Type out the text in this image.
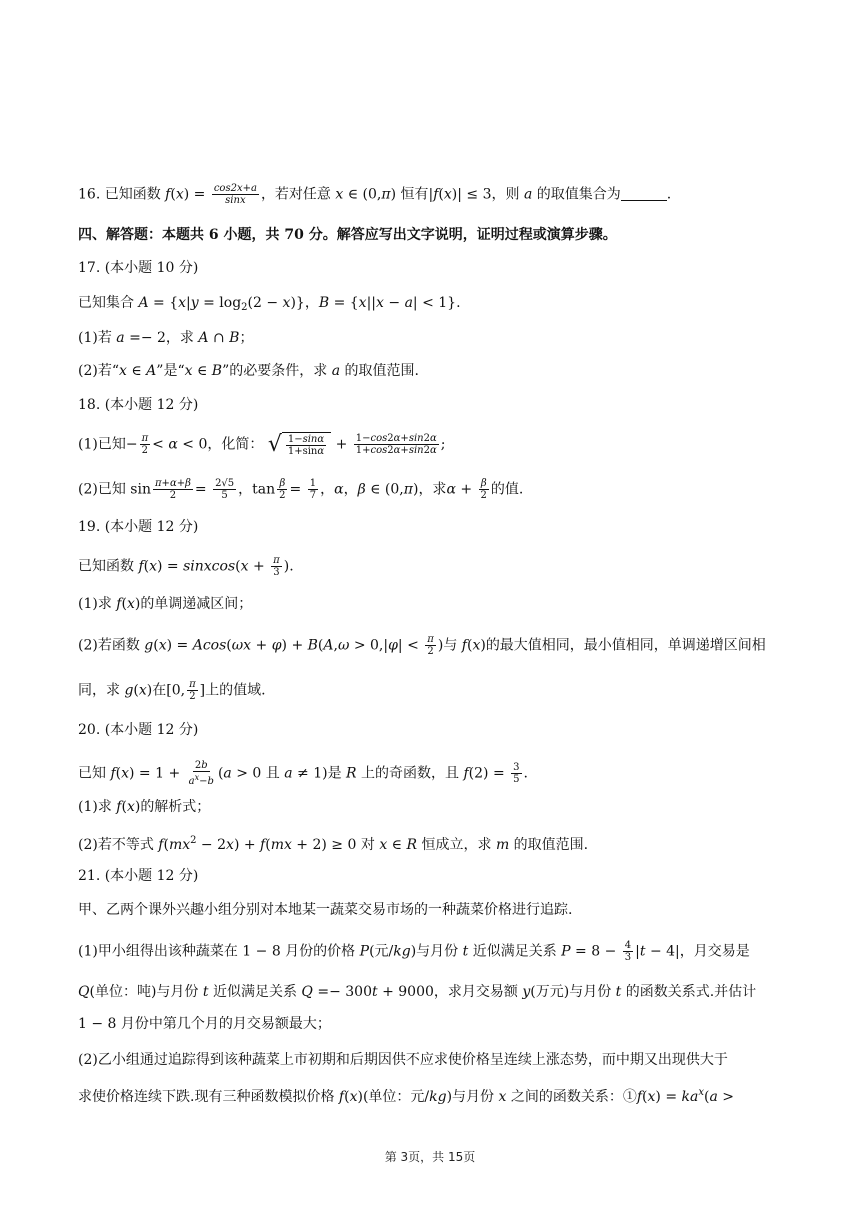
16. 已知函数 $f(x) = \frac{\cos 2x+a}{\sin x}$ ，若对任意 x ∈ (0,π) 恒有|f(x)| ≤ 3，则 a 的取值集合为	.
四、解答题：本题共 6 小题，共 70 分。解答应写出文字说明，证明过程或演算步骤。
17. (本小题 10 分)
已知集合 $A = \{x|y = \log_2(2 - x)\}$，B = {x||x − a| < 1}.
(1)若 a =− 2，求 A ∩ B；
(2)若“x ∈ A”是“x ∈ B”的必要条件，求 a 的取值范围.
18. (本小题 12 分)
(1)已知− $\frac{\pi}{2} < \alpha < 0$，化简： √ $\frac{1-\sin\alpha}{1+\sin\alpha} + \frac{1-\cos 2\alpha+\sin 2\alpha}{1+\cos 2\alpha+\sin 2\alpha}$ ;
(2)已知 $\sin \frac{\pi+\alpha+\beta}{2} = \frac{2√5}{5}$ ，$\tan \frac{\beta}{2} = \frac{1}{7}$ ，α，β ∈ (0,π)，求$\alpha + \frac{\beta}{2}$ 的值.
19. (本小题 12 分)
已知函数 f(x) = sinxcos(x + $\frac{\pi}{3}$ ).
(1)求 f(x)的单调递减区间；
(2)若函数 $g(x) = Acos(\omega x + \varphi) + B(A,\omega > 0,|\varphi| < \frac{\pi}{2}$ )与 f(x)的最大值相同，最小值相同，单调递增区间相
同，求 g(x)在[0, $\frac{\pi}{2}$ ]上的值域.
20. (本小题 12 分)
已知 $f(x) = 1 + \frac{2b}{a^x-b} (a > 0$ 且 a ≠ 1)是 R 上的奇函数，且 $f(2) = \frac{3}{5}$ .
(1)求 f(x)的解析式；
(2)若不等式 $f(mx^2 - 2x) + f(mx + 2) \ge 0$ 对 x ∈ R 恒成立，求 m 的取值范围.
21. (本小题 12 分)
甲、乙两个课外兴趣小组分别对本地某一蔬菜交易市场的一种蔬菜价格进行追踪.
(1)甲小组得出该种蔬菜在 1 − 8 月份的价格 P(元/kg)与月份 t 近似满足关系 $P = 8 - \frac{4}{3} |t - 4|$，月交易是
Q(单位：吨)与月份 t 近似满足关系 Q =− 300t + 9000，求月交易额 y(万元)与月份 t 的函数关系式.并估计
1 − 8 月份中第几个月的月交易额最大；
(2)乙小组通过追踪得到该种蔬菜上市初期和后期因供不应求使价格呈连续上涨态势，而中期又出现供大于
求使价格连续下跌.现有三种函数模拟价格 f(x)(单位：元/kg)与月份 x 之间的函数关系：①f(x) = $ka^x(a$ >
第 3页，共 15页
